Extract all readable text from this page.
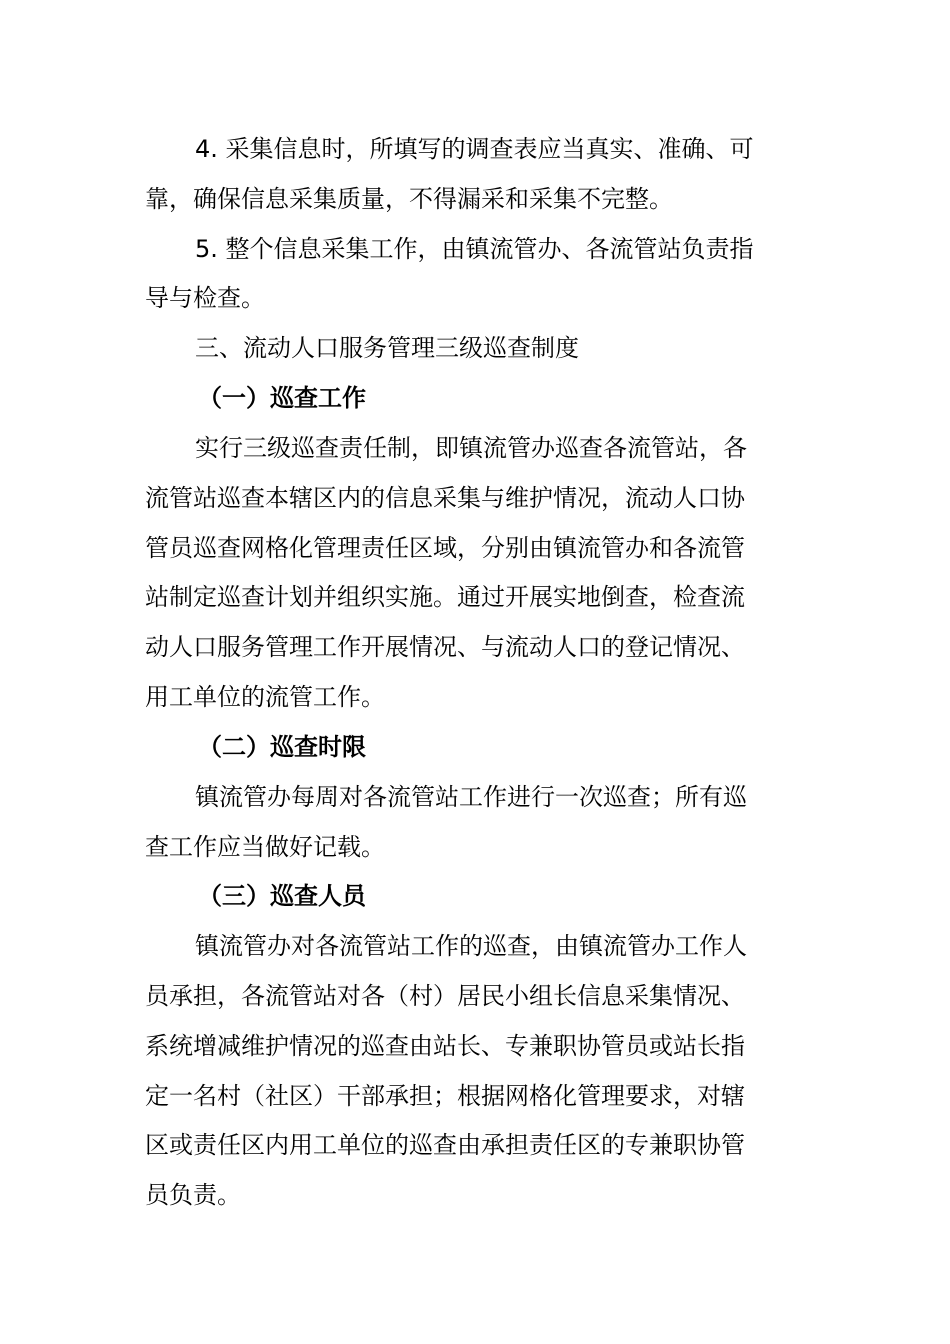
4. 采集信息时，所填写的调查表应当真实、准确、可

靠，确保信息采集质量，不得漏采和采集不完整。

5. 整个信息采集工作，由镇流管办、各流管站负责指

导与检查。

三、流动人口服务管理三级巡查制度

（一）巡查工作

实行三级巡查责任制，即镇流管办巡查各流管站，各

流管站巡查本辖区内的信息采集与维护情况，流动人口协

管员巡查网格化管理责任区域，分别由镇流管办和各流管

站制定巡查计划并组织实施。通过开展实地倒查，检查流

动人口服务管理工作开展情况、与流动人口的登记情况、

用工单位的流管工作。

（二）巡查时限

镇流管办每周对各流管站工作进行一次巡查；所有巡

查工作应当做好记载。

（三）巡查人员

镇流管办对各流管站工作的巡查，由镇流管办工作人

员承担，各流管站对各（村）居民小组长信息采集情况、

系统增减维护情况的巡查由站长、专兼职协管员或站长指

定一名村（社区）干部承担；根据网格化管理要求，对辖

区或责任区内用工单位的巡查由承担责任区的专兼职协管

员负责。
